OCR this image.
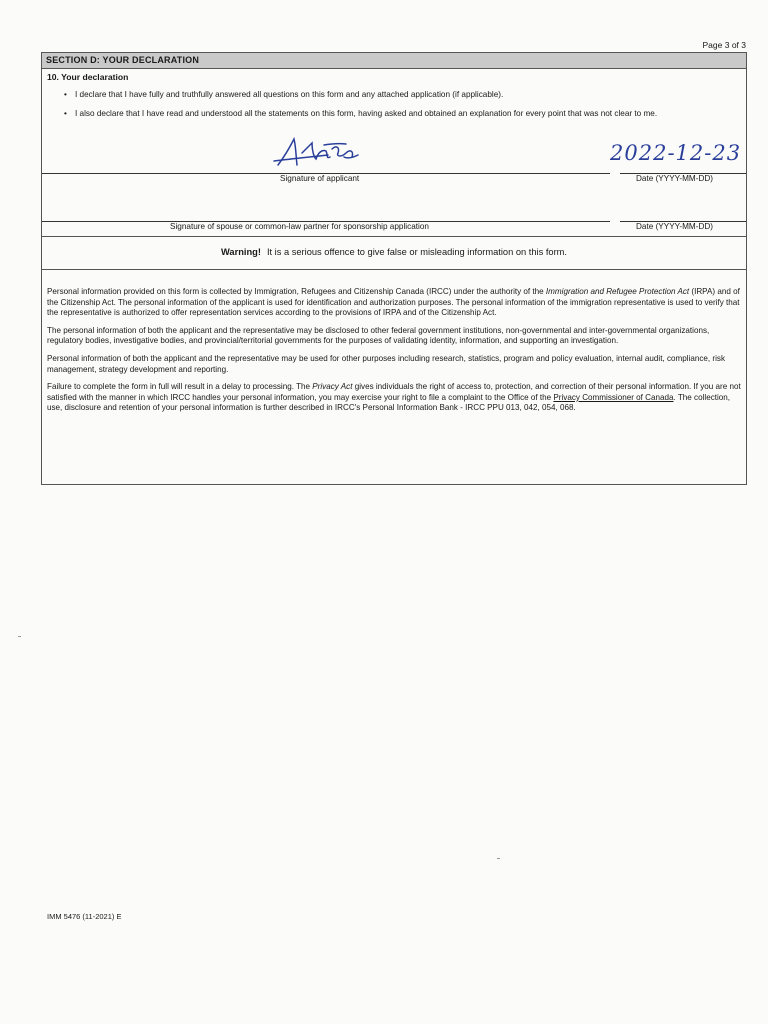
Page 3 of 3
SECTION D: YOUR DECLARATION
10. Your declaration
• I declare that I have fully and truthfully answered all questions on this form and any attached application (if applicable).
• I also declare that I have read and understood all the statements on this form, having asked and obtained an explanation for every point that was not clear to me.
Signature of applicant
2022-12-23
Date (YYYY-MM-DD)
Signature of spouse or common-law partner for sponsorship application	Date (YYYY-MM-DD)
Warning! It is a serious offence to give false or misleading information on this form.

Personal information provided on this form is collected by Immigration, Refugees and Citizenship Canada (IRCC) under the authority of the Immigration and Refugee Protection Act (IRPA) and of the Citizenship Act. The personal information of the applicant is used for identification and authorization purposes. The personal information of the immigration representative is used to verify that the representative is authorized to offer representation services according to the provisions of IRPA and of the Citizenship Act.

The personal information of both the applicant and the representative may be disclosed to other federal government institutions, non-governmental and inter-governmental organizations, regulatory bodies, investigative bodies, and provincial/territorial governments for the purposes of validating identity, information, and supporting an investigation.

Personal information of both the applicant and the representative may be used for other purposes including research, statistics, program and policy evaluation, internal audit, compliance, risk management, strategy development and reporting.

Failure to complete the form in full will result in a delay to processing. The Privacy Act gives individuals the right of access to, protection, and correction of their personal information. If you are not satisfied with the manner in which IRCC handles your personal information, you may exercise your right to file a complaint to the Office of the Privacy Commissioner of Canada. The collection, use, disclosure and retention of your personal information is further described in IRCC's Personal Information Bank - IRCC PPU 013, 042, 054, 068.

IMM 5476 (11-2021) E
